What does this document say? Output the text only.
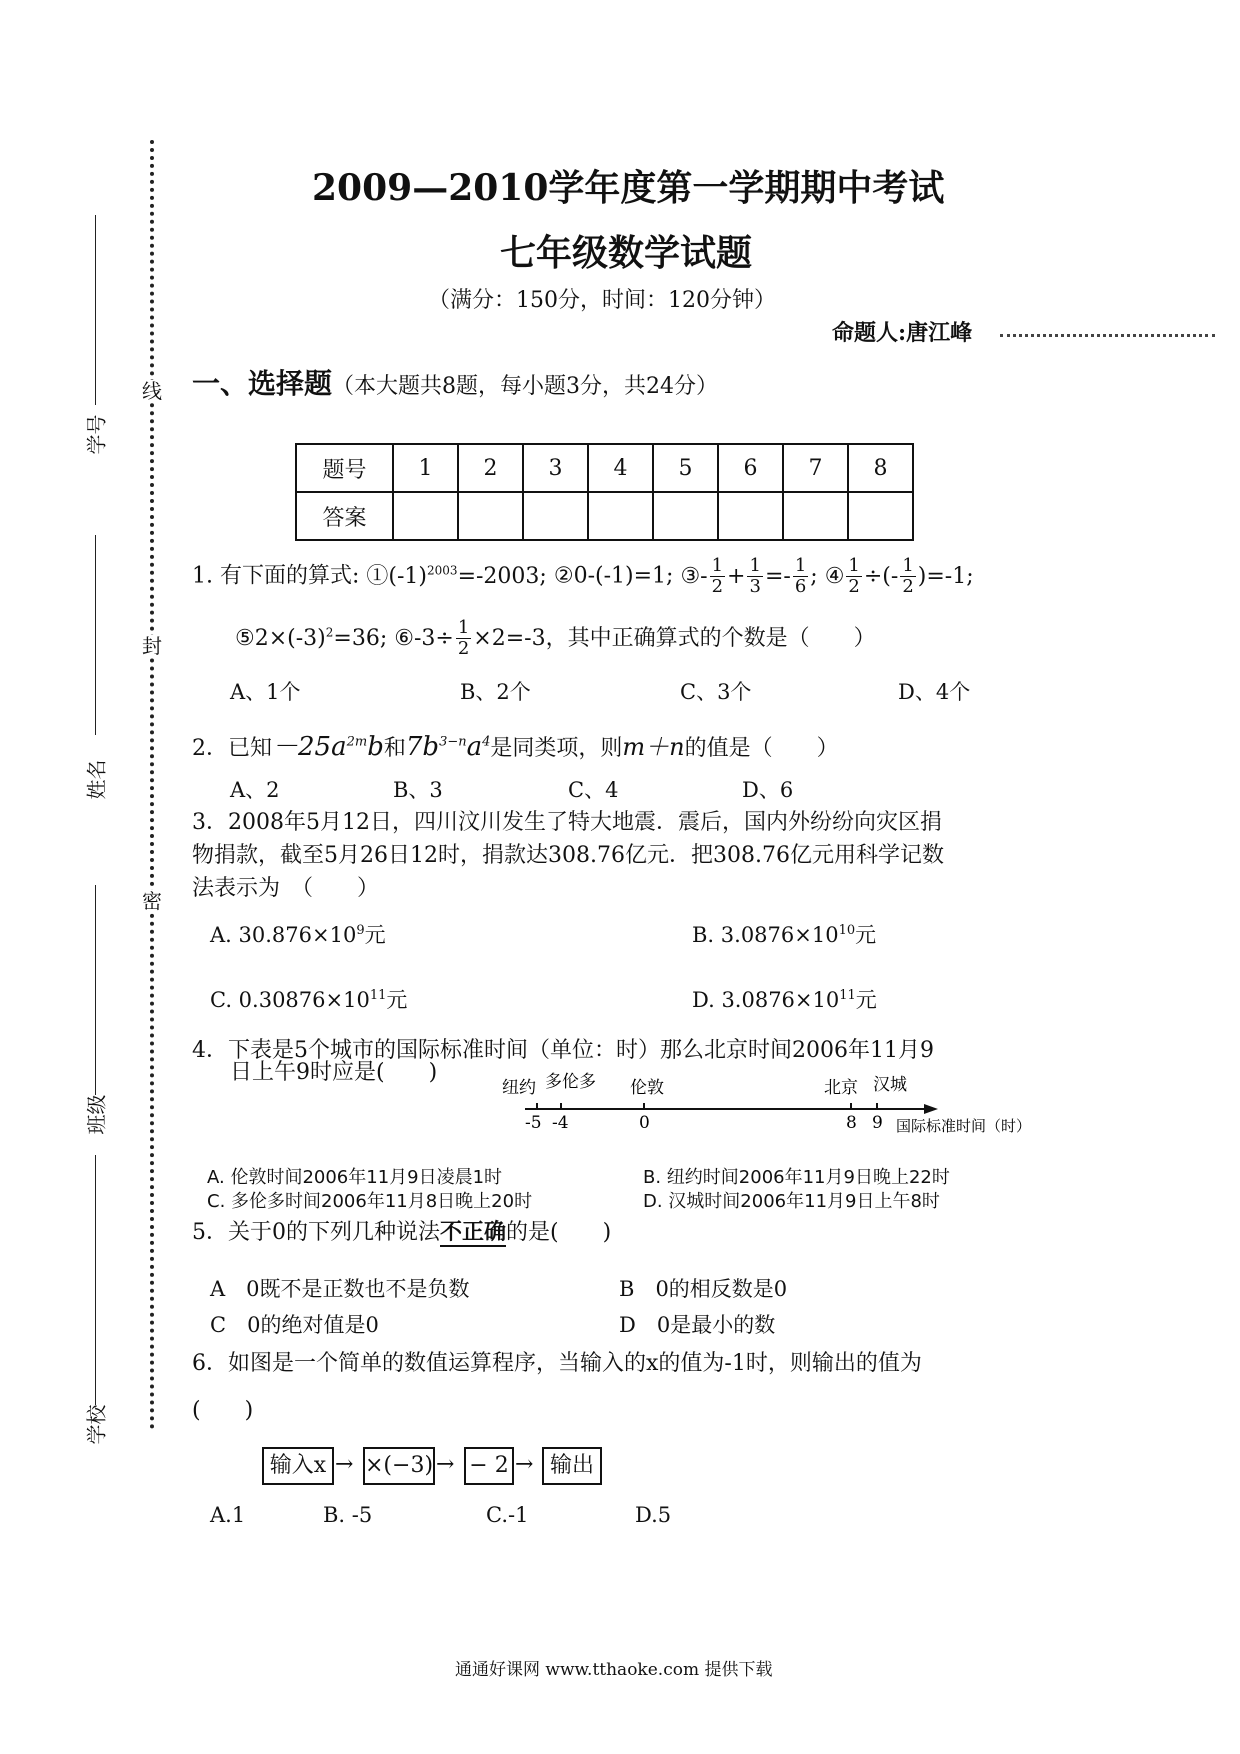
线
封
密
学号
姓名
班级
学校
2009—2010学年度第一学期期中考试
七年级数学试题
（满分：150分，时间：120分钟）
命题人:唐江峰
一、选择题（本大题共8题，每小题3分，共24分）
题号	1	2	3	4	5	6	7	8
答案								
1. 有下面的算式: $①(-1)^{2003}=-2003$; ②0-(-1)=1; ③- $\frac{1}{2} + \frac{1}{3} =- \frac{1}{6}$ ; ④ $\frac{1}{2}$ ÷(- $\frac{1}{2} )=-1$;
$⑤2\times(-3)^2=36$; ⑥-3÷ $\frac{1}{2} \times 2=-3$，其中正确算式的个数是（　　）
A、1个	B、2个	C、3个	D、4个
2．已知$-25a^{2m}b$和$7b^{3-n}a^4$是同类项，则m＋n的值是（　　）
A、2	B、3	C、4	D、6
3．2008年5月12日，四川汶川发生了特大地震．震后，国内外纷纷向灾区捐
物捐款，截至5月26日12时，捐款达308.76亿元．把308.76亿元用科学记数
法表示为　（　　）
A. $30.876\times 10^9$元	B. $3.0876\times 10^{10}$元
C. $0.30876\times 10^{11}$元	D. $3.0876\times 10^{11}$元
4．下表是5个城市的国际标准时间（单位：时）那么北京时间2006年11月9
日上午9时应是(　　)
纽约 多伦多 伦敦	北京 汉城
-5 -4	0	8 9 国际标准时间（时）
A. 伦敦时间2006年11月9日凌晨1时	B. 纽约时间2006年11月9日晚上22时
C. 多伦多时间2006年11月8日晚上20时	D. 汉城时间2006年11月9日上午8时
5．关于0的下列几种说法不正确的是(　　)
A  0既不是正数也不是负数	B  0的相反数是0
C  0的绝对值是0	D  0是最小的数
6．如图是一个简单的数值运算程序，当输入的x的值为-1时，则输出的值为
(　　)
输入x → ×(−3) → − 2 → 输出
A.1	B. -5	C.-1	D.5
通通好课网 www.tthaoke.com 提供下载
